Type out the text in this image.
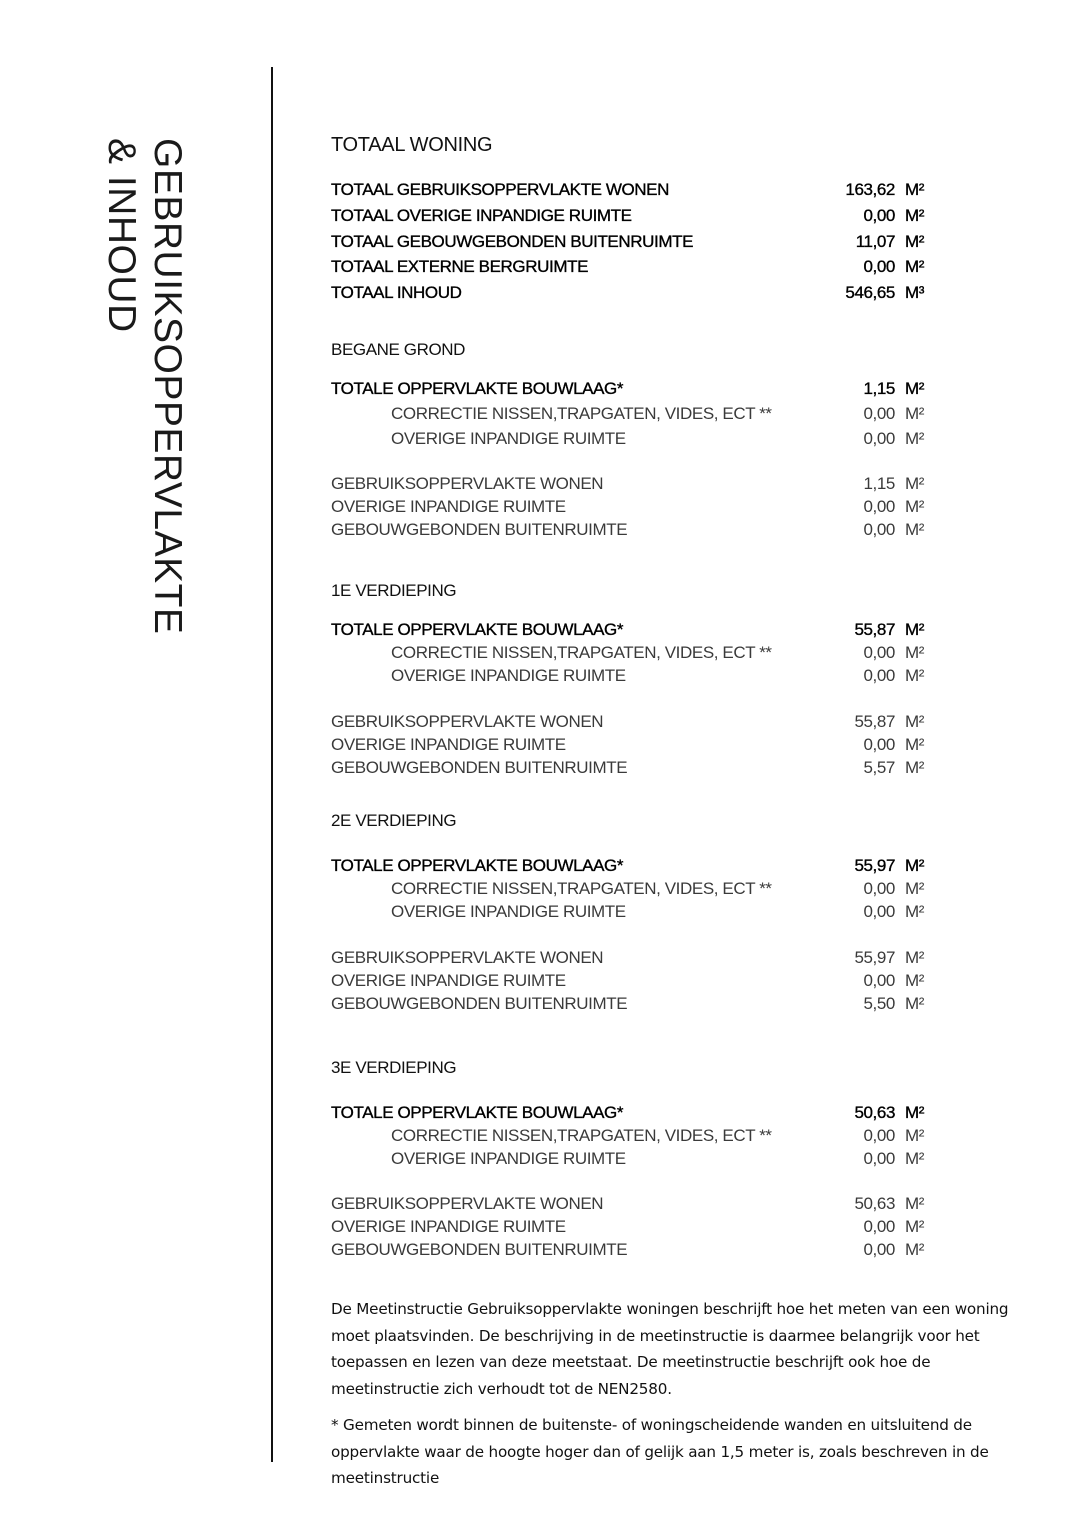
GEBRUIKSOPPERVLAKTE
& INHOUD	TOTAAL WONING
TOTAAL GEBRUIKSOPPERVLAKTE WONEN	163,62 M²
TOTAAL OVERIGE INPANDIGE RUIMTE	0,00 M²
TOTAAL GEBOUWGEBONDEN BUITENRUIMTE	11,07 M²
TOTAAL EXTERNE BERGRUIMTE	0,00 M²
TOTAAL INHOUD	546,65 M³
BEGANE GROND
TOTALE OPPERVLAKTE BOUWLAAG*	1,15 M²
CORRECTIE NISSEN,TRAPGATEN, VIDES, ECT **	0,00 M²
OVERIGE INPANDIGE RUIMTE	0,00 M²
GEBRUIKSOPPERVLAKTE WONEN	1,15 M²
OVERIGE INPANDIGE RUIMTE	0,00 M²
GEBOUWGEBONDEN BUITENRUIMTE	0,00 M²
1E VERDIEPING
TOTALE OPPERVLAKTE BOUWLAAG*	55,87 M²
CORRECTIE NISSEN,TRAPGATEN, VIDES, ECT **	0,00 M²
OVERIGE INPANDIGE RUIMTE	0,00 M²
GEBRUIKSOPPERVLAKTE WONEN	55,87 M²
OVERIGE INPANDIGE RUIMTE	0,00 M²
GEBOUWGEBONDEN BUITENRUIMTE	5,57 M²
2E VERDIEPING
TOTALE OPPERVLAKTE BOUWLAAG*	55,97 M²
CORRECTIE NISSEN,TRAPGATEN, VIDES, ECT **	0,00 M²
OVERIGE INPANDIGE RUIMTE	0,00 M²
GEBRUIKSOPPERVLAKTE WONEN	55,97 M²
OVERIGE INPANDIGE RUIMTE	0,00 M²
GEBOUWGEBONDEN BUITENRUIMTE	5,50 M²
3E VERDIEPING
TOTALE OPPERVLAKTE BOUWLAAG*	50,63 M²
CORRECTIE NISSEN,TRAPGATEN, VIDES, ECT **	0,00 M²
OVERIGE INPANDIGE RUIMTE	0,00 M²
GEBRUIKSOPPERVLAKTE WONEN	50,63 M²
OVERIGE INPANDIGE RUIMTE	0,00 M²
GEBOUWGEBONDEN BUITENRUIMTE	0,00 M²
De Meetinstructie Gebruiksoppervlakte woningen beschrijft hoe het meten van een woning moet plaatsvinden. De beschrijving in de meetinstructie is daarmee belangrijk voor het toepassen en lezen van deze meetstaat. De meetinstructie beschrijft ook hoe de meetinstructie zich verhoudt tot de NEN2580.
* Gemeten wordt binnen de buitenste- of woningscheidende wanden en uitsluitend de oppervlakte waar de hoogte hoger dan of gelijk aan 1,5 meter is, zoals beschreven in de meetinstructie
